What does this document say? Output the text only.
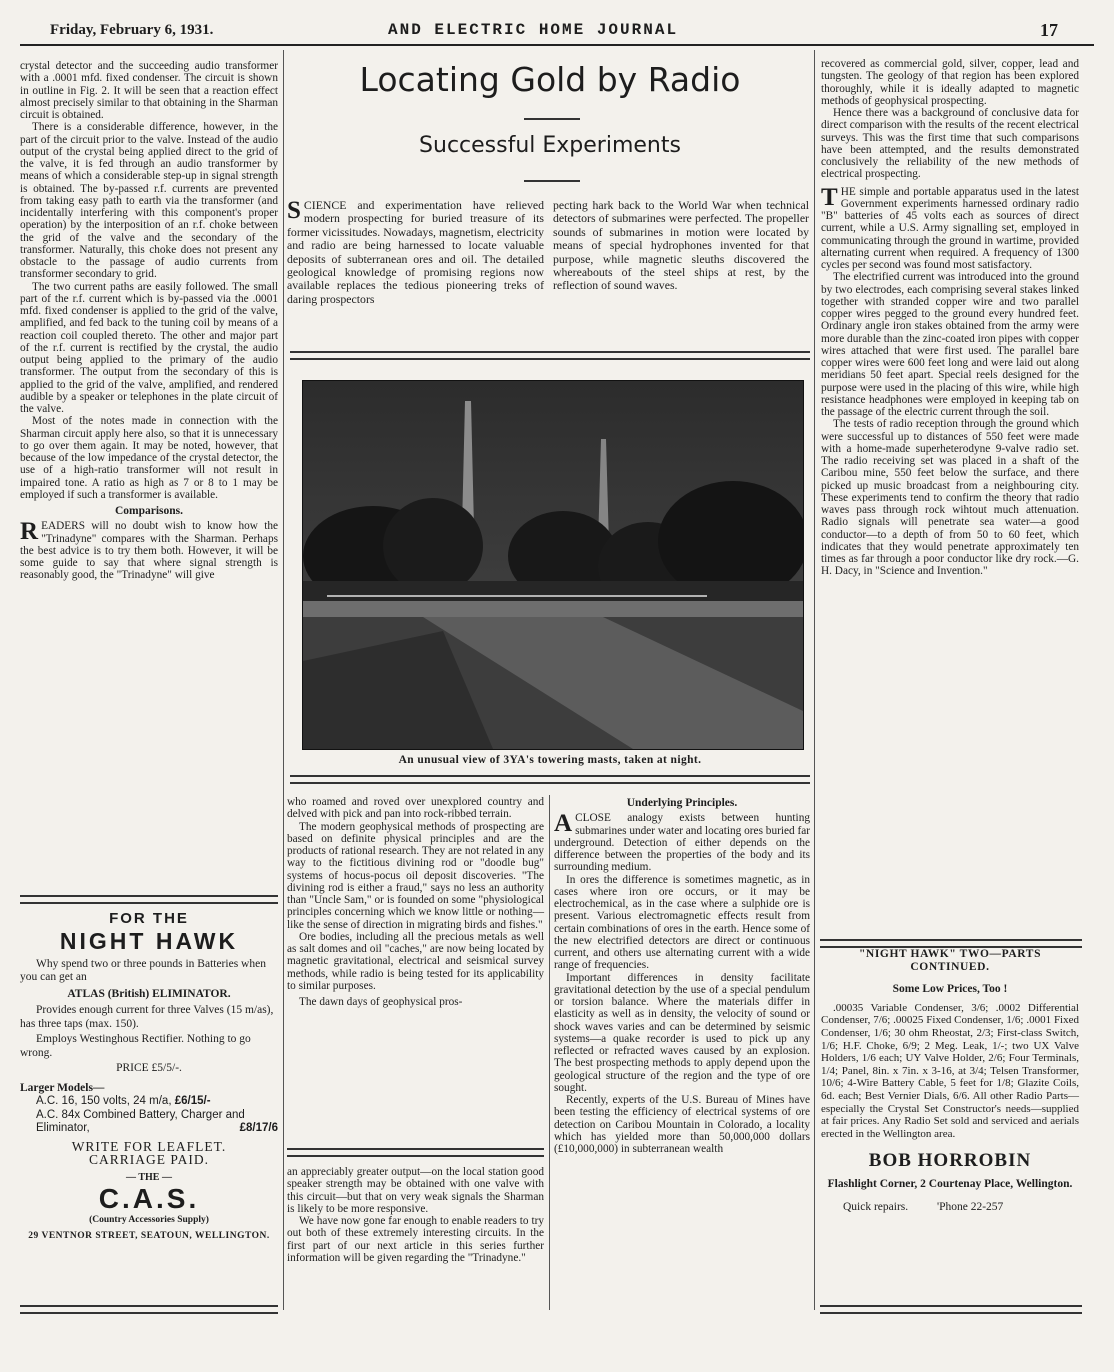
Friday, February 6, 1931.	AND ELECTRIC HOME JOURNAL	17

crystal detector and the succeeding audio transformer with a .0001 mfd. fixed condenser. The circuit is shown in outline in Fig. 2. It will be seen that a reaction effect almost precisely similar to that obtaining in the Sharman circuit is obtained.

There is a considerable difference, however, in the part of the circuit prior to the valve. Instead of the audio output of the crystal being applied direct to the grid of the valve, it is fed through an audio transformer by means of which a considerable step-up in signal strength is obtained. The by-passed r.f. currents are prevented from taking easy path to earth via the transformer (and incidentally interfering with this component's proper operation) by the interposition of an r.f. choke between the grid of the valve and the secondary of the transformer. Naturally, this choke does not present any obstacle to the passage of audio currents from transformer secondary to grid.

The two current paths are easily followed. The small part of the r.f. current which is by-passed via the .0001 mfd. fixed condenser is applied to the grid of the valve, amplified, and fed back to the tuning coil by means of a reaction coil coupled thereto. The other and major part of the r.f. current is rectified by the crystal, the audio output being applied to the primary of the audio transformer. The output from the secondary of this is applied to the grid of the valve, amplified, and rendered audible by a speaker or telephones in the plate circuit of the valve.

Most of the notes made in connection with the Sharman circuit apply here also, so that it is unnecessary to go over them again. It may be noted, however, that because of the low impedance of the crystal detector, the use of a high-ratio transformer will not result in impaired tone. A ratio as high as 7 or 8 to 1 may be employed if such a transformer is available.

Comparisons.

READERS will no doubt wish to know how the "Trinadyne" compares with the Sharman. Perhaps the best advice is to try them both. However, it will be some guide to say that where signal strength is reasonably good, the "Trinadyne" will give

FOR THE
NIGHT HAWK
Why spend two or three pounds in Batteries when you can get an
ATLAS (British) ELIMINATOR.
Provides enough current for three Valves (15 m/as), has three taps (max. 150).
Employs Westinghous Rectifier. Nothing to go wrong.
PRICE £5/5/-.
Larger Models—
A.C. 16, 150 volts, 24 m/a, £6/15/-
A.C. 84x Combined Battery, Charger and Eliminator,	£8/17/6
WRITE FOR LEAFLET.
CARRIAGE PAID.
— THE —
C.A.S.
(Country Accessories Supply)
29 VENTNOR STREET, SEATOUN, WELLINGTON.
Locating Gold by Radio
Successful Experiments

SCIENCE and experimentation have relieved modern prospecting for buried treasure of its former vicissitudes. Nowadays, magnetism, electricity and radio are being harnessed to locate valuable deposits of subterranean ores and oil. The detailed geological knowledge of promising regions now available replaces the tedious pioneering treks of daring prospectors

pecting hark back to the World War when technical detectors of submarines were perfected. The propeller sounds of submarines in motion were located by means of special hydrophones invented for that purpose, while magnetic sleuths discovered the whereabouts of the steel ships at rest, by the reflection of sound waves.

An unusual view of 3YA's towering masts, taken at night.

who roamed and roved over unexplored country and delved with pick and pan into rock-ribbed terrain.

The modern geophysical methods of prospecting are based on definite physical principles and are the products of rational research. They are not related in any way to the fictitious divining rod or "doodle bug" systems of hocus-pocus oil deposit discoveries. "The divining rod is either a fraud," says no less an authority than "Uncle Sam," or is founded on some "physiological principles concerning which we know little or nothing—like the sense of direction in migrating birds and fishes."

Ore bodies, including all the precious metals as well as salt domes and oil "caches," are now being located by magnetic gravitational, electrical and seismical survey methods, while radio is being tested for its applicability to similar purposes.

The dawn days of geophysical pros-

an appreciably greater output—on the local station good speaker strength may be obtained with one valve with this circuit—but that on very weak signals the Sharman is likely to be more responsive.

We have now gone far enough to enable readers to try out both of these extremely interesting circuits. In the first part of our next article in this series further information will be given regarding the "Trinadyne."

Underlying Principles.

ACLOSE analogy exists between hunting submarines under water and locating ores buried far underground. Detection of either depends on the difference between the properties of the body and its surrounding medium.

In ores the difference is sometimes magnetic, as in cases where iron ore occurs, or it may be electrochemical, as in the case where a sulphide ore is present. Various electromagnetic effects result from certain combinations of ores in the earth. Hence some of the new electrified detectors are direct or continuous current, and others use alternating current with a wide range of frequencies.

Important differences in density facilitate gravitational detection by the use of a special pendulum or torsion balance. Where the materials differ in elasticity as well as in density, the velocity of sound or shock waves varies and can be determined by seismic systems—a quake recorder is used to pick up any reflected or refracted waves caused by an explosion. The best prospecting methods to apply depend upon the geological structure of the region and the type of ore sought.

Recently, experts of the U.S. Bureau of Mines have been testing the efficiency of electrical systems of ore detection on Caribou Mountain in Colorado, a locality which has yielded more than 50,000,000 dollars (£10,000,000) in subterranean wealth

recovered as commercial gold, silver, copper, lead and tungsten. The geology of that region has been explored thoroughly, while it is ideally adapted to magnetic methods of geophysical prospecting.

Hence there was a background of conclusive data for direct comparison with the results of the recent electrical surveys. This was the first time that such comparisons have been attempted, and the results demonstrated conclusively the reliability of the new methods of electrical prospecting.

THE simple and portable apparatus used in the latest Government experiments harnessed ordinary radio "B" batteries of 45 volts each as sources of direct current, while a U.S. Army signalling set, employed in communicating through the ground in wartime, provided alternating current when required. A frequency of 1300 cycles per second was found most satisfactory.

The electrified current was introduced into the ground by two electrodes, each comprising several stakes linked together with stranded copper wire and two parallel copper wires pegged to the ground every hundred feet. Ordinary angle iron stakes obtained from the army were more durable than the zinc-coated iron pipes with copper wires attached that were first used. The parallel bare copper wires were 600 feet long and were laid out along meridians 50 feet apart. Special reels designed for the purpose were used in the placing of this wire, while high resistance headphones were employed in keeping tab on the passage of the electric current through the soil.

The tests of radio reception through the ground which were successful up to distances of 550 feet were made with a home-made superheterodyne 9-valve radio set. The radio receiving set was placed in a shaft of the Caribou mine, 550 feet below the surface, and there picked up music broadcast from a neighbouring city. These experiments tend to confirm the theory that radio waves pass through rock wihtout much attenuation. Radio signals will penetrate sea water—a good conductor—to a depth of from 50 to 60 feet, which indicates that they would penetrate approximately ten times as far through a poor conductor like dry rock.—G. H. Dacy, in "Science and Invention."

"NIGHT HAWK" TWO—PARTS CONTINUED.
Some Low Prices, Too !
.00035 Variable Condenser, 3/6; .0002 Differential Condenser, 7/6; .00025 Fixed Condenser, 1/6; .0001 Fixed Condenser, 1/6; 30 ohm Rheostat, 2/3; First-class Switch, 1/6; H.F. Choke, 6/9; 2 Meg. Leak, 1/-; two UX Valve Holders, 1/6 each; UY Valve Holder, 2/6; Four Terminals, 1/4; Panel, 8in. x 7in. x 3-16, at 3/4; Telsen Transformer, 10/6; 4-Wire Battery Cable, 5 feet for 1/8; Glazite Coils, 6d. each; Best Vernier Dials, 6/6. All other Radio Parts—especially the Crystal Set Constructor's needs—supplied at fair prices. Any Radio Set sold and serviced and aerials erected in the Wellington area.
BOB HORROBIN
Flashlight Corner, 2 Courtenay Place, Wellington.
Quick repairs.	'Phone 22-257
